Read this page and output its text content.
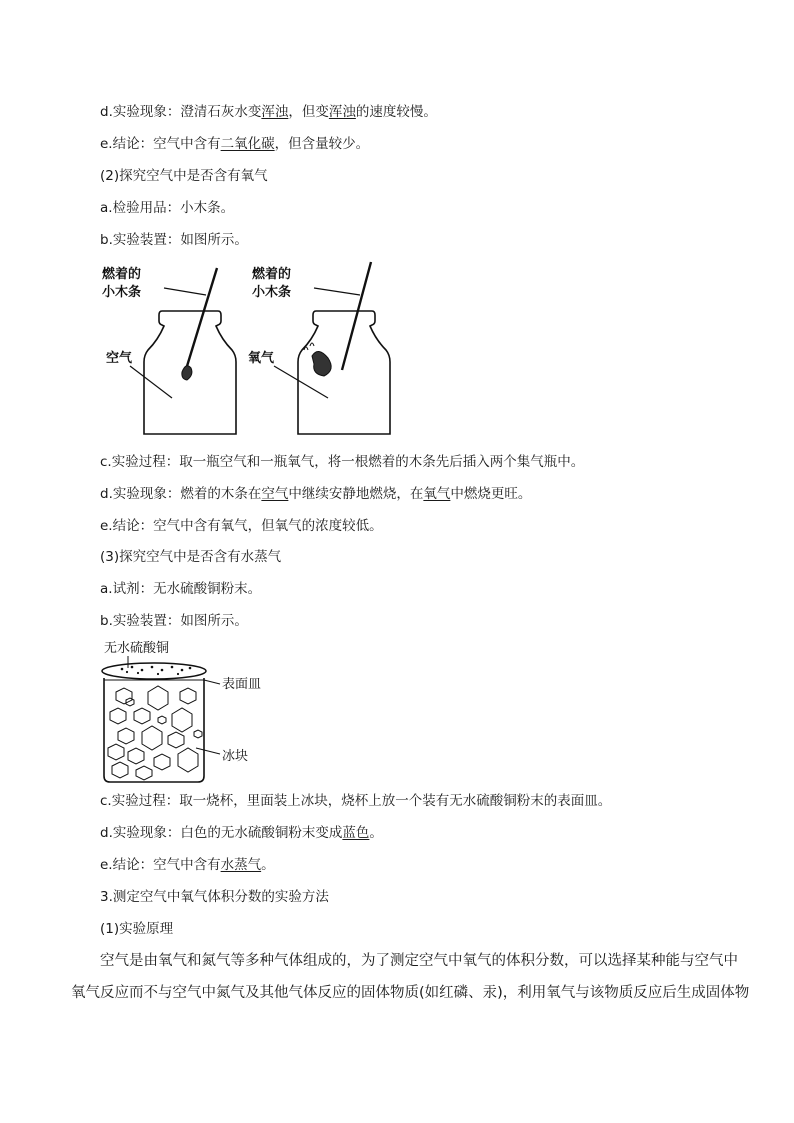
d.实验现象：澄清石灰水变浑浊，但变浑浊的速度较慢。
e.结论：空气中含有二氧化碳，但含量较少。
(2)探究空气中是否含有氧气
a.检验用品：小木条。
b.实验装置：如图所示。
燃着的
小木条
空气
燃着的
小木条
氧气
c.实验过程：取一瓶空气和一瓶氧气，将一根燃着的木条先后插入两个集气瓶中。
d.实验现象：燃着的木条在空气中继续安静地燃烧，在氧气中燃烧更旺。
e.结论：空气中含有氧气，但氧气的浓度较低。
(3)探究空气中是否含有水蒸气
a.试剂：无水硫酸铜粉末。
b.实验装置：如图所示。
无水硫酸铜
表面皿
冰块
c.实验过程：取一烧杯，里面装上冰块，烧杯上放一个装有无水硫酸铜粉末的表面皿。
d.实验现象：白色的无水硫酸铜粉末变成蓝色。
e.结论：空气中含有水蒸气。
3.测定空气中氧气体积分数的实验方法
(1)实验原理
空气是由氧气和氮气等多种气体组成的，为了测定空气中氧气的体积分数，可以选择某种能与空气中
氧气反应而不与空气中氮气及其他气体反应的固体物质(如红磷、汞)，利用氧气与该物质反应后生成固体物
